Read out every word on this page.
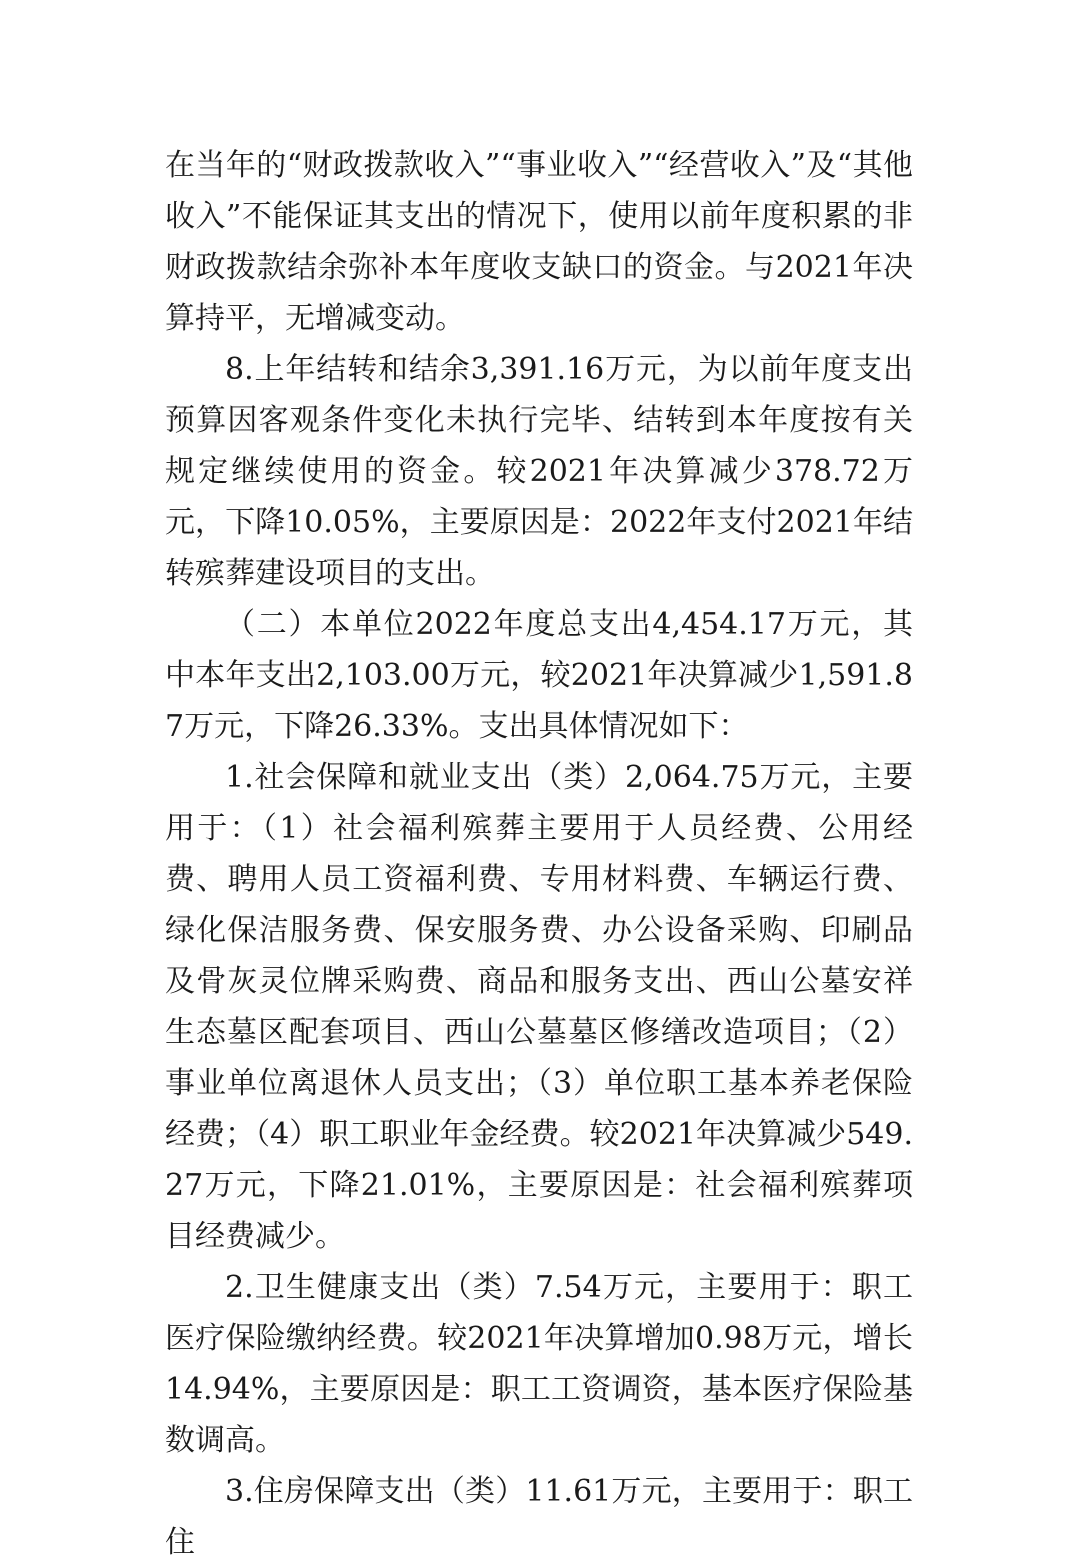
在当年的“财政拨款收入”“事业收入”“经营收入”及“其他收入”不能保证其支出的情况下，使用以前年度积累的非财政拨款结余弥补本年度收支缺口的资金。与2021年决算持平，无增减变动。

8.上年结转和结余3,391.16万元，为以前年度支出预算因客观条件变化未执行完毕、结转到本年度按有关规定继续使用的资金。较2021年决算减少378.72万元，下降10.05%，主要原因是：2022年支付2021年结转殡葬建设项目的支出。

（二）本单位2022年度总支出4,454.17万元，其中本年支出2,103.00万元，较2021年决算减少1,591.87万元，下降26.33%。支出具体情况如下：

1.社会保障和就业支出（类）2,064.75万元，主要用于：（1）社会福利殡葬主要用于人员经费、公用经费、聘用人员工资福利费、专用材料费、车辆运行费、绿化保洁服务费、保安服务费、办公设备采购、印刷品及骨灰灵位牌采购费、商品和服务支出、西山公墓安祥生态墓区配套项目、西山公墓墓区修缮改造项目；（2）事业单位离退休人员支出；（3）单位职工基本养老保险经费；（4）职工职业年金经费。较2021年决算减少549.27万元，下降21.01%，主要原因是：社会福利殡葬项目经费减少。

2.卫生健康支出（类）7.54万元，主要用于：职工医疗保险缴纳经费。较2021年决算增加0.98万元，增长14.94%，主要原因是：职工工资调资，基本医疗保险基数调高。

3.住房保障支出（类）11.61万元，主要用于：职工住
